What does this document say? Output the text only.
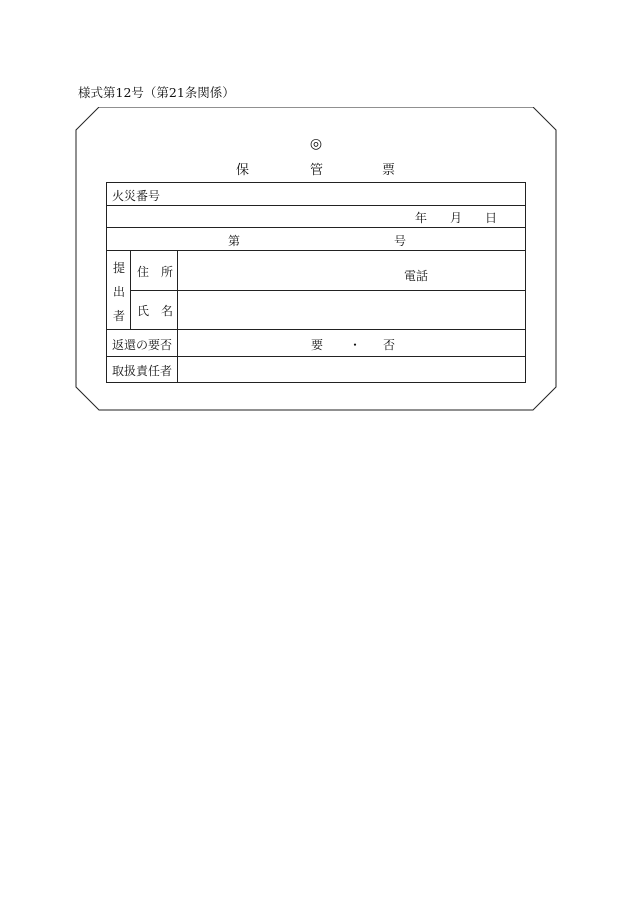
様式第12号（第21条関係）
◎
保	管	票
火災番号
年 月 日
第	号
提
出
者
住　所	電話
氏　名
返還の要否	要 ・ 否
取扱責任者
